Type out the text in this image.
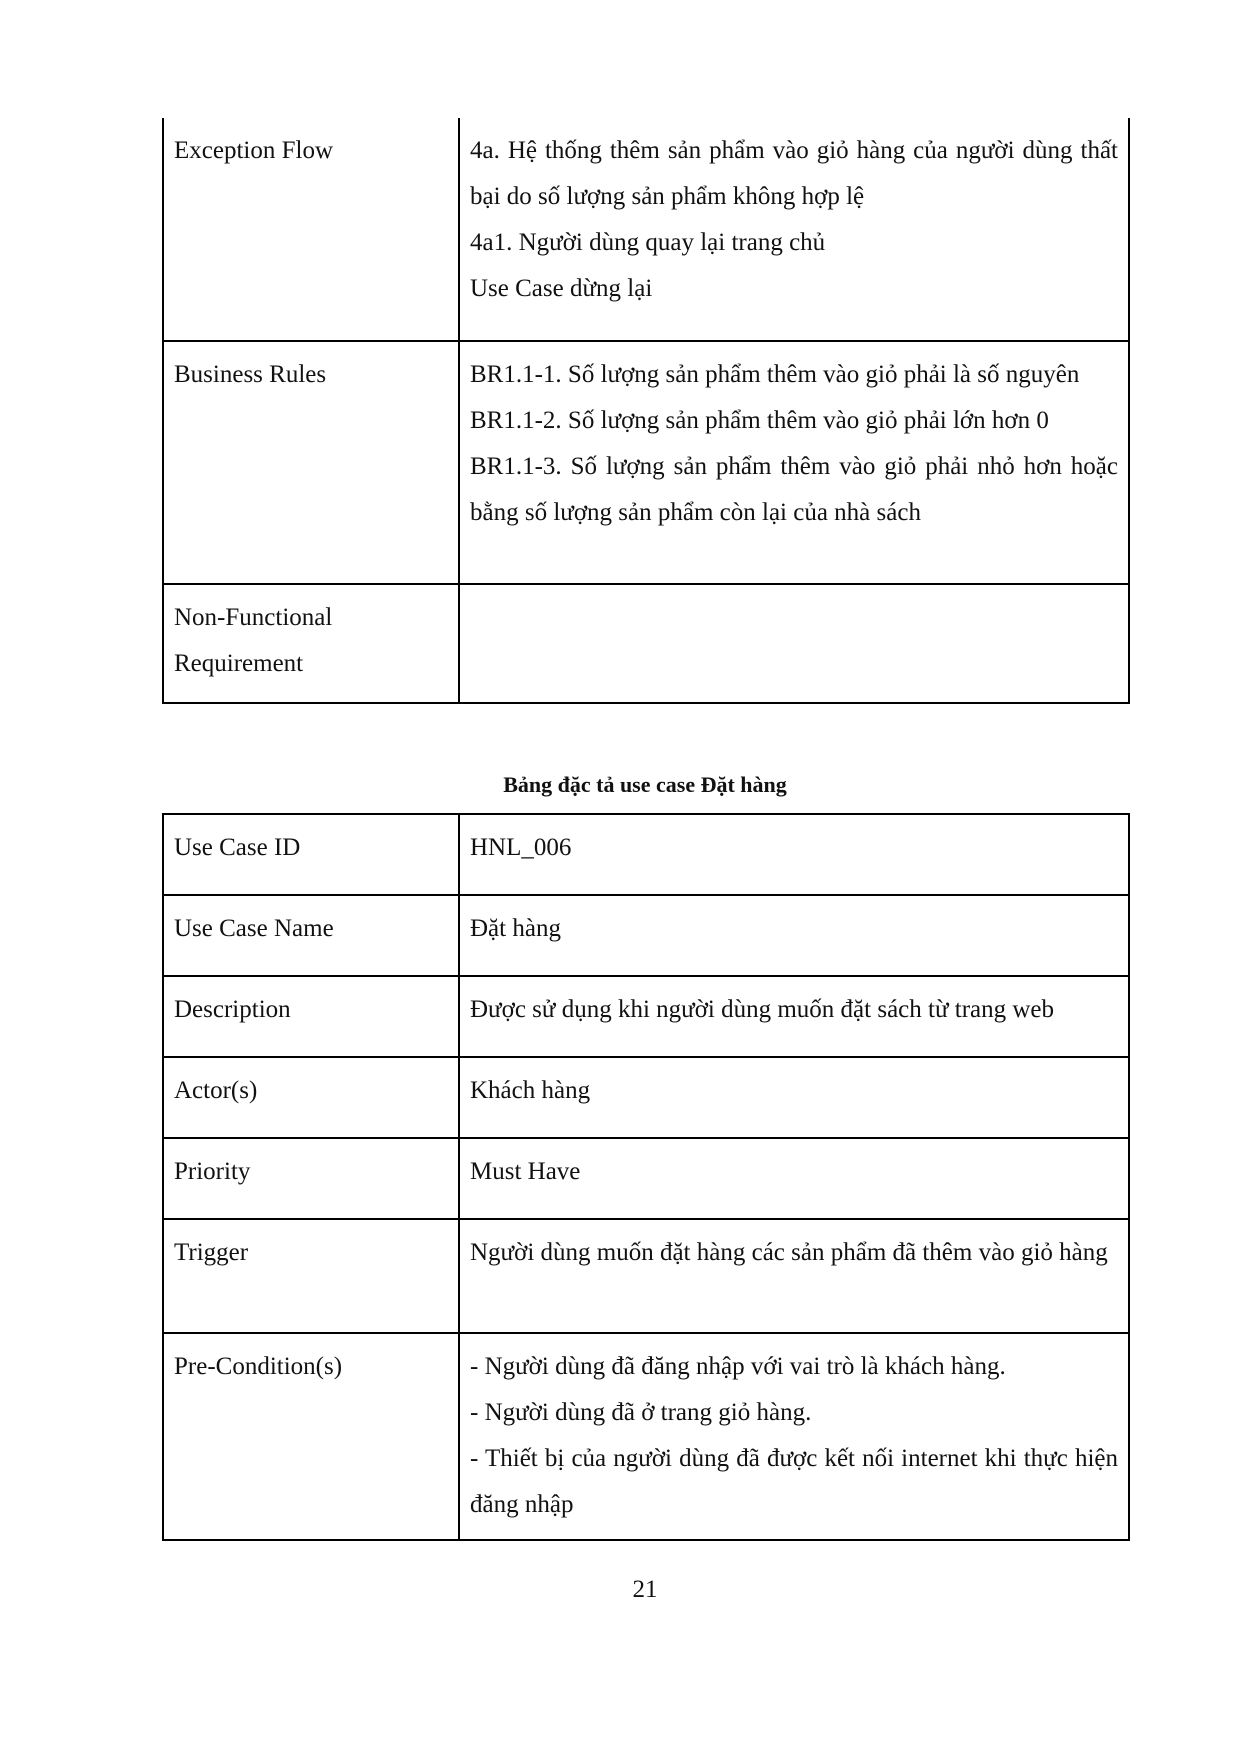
Exception Flow	4a. Hệ thống thêm sản phẩm vào giỏ hàng của người dùng thất bại do số lượng sản phẩm không hợp lệ
4a1. Người dùng quay lại trang chủ
Use Case dừng lại

Business Rules	BR1.1-1. Số lượng sản phẩm thêm vào giỏ phải là số nguyên
BR1.1-2. Số lượng sản phẩm thêm vào giỏ phải lớn hơn 0
BR1.1-3. Số lượng sản phẩm thêm vào giỏ phải nhỏ hơn hoặc bằng số lượng sản phẩm còn lại của nhà sách

Non-Functional Requirement	
Bảng đặc tả use case Đặt hàng
Use Case ID	HNL_006

Use Case Name	Đặt hàng

Description	Được sử dụng khi người dùng muốn đặt sách từ trang web

Actor(s)	Khách hàng

Priority	Must Have

Trigger	Người dùng muốn đặt hàng các sản phẩm đã thêm vào giỏ hàng

Pre-Condition(s)	- Người dùng đã đăng nhập với vai trò là khách hàng.
- Người dùng đã ở trang giỏ hàng.
- Thiết bị của người dùng đã được kết nối internet khi thực hiện đăng nhập
21
